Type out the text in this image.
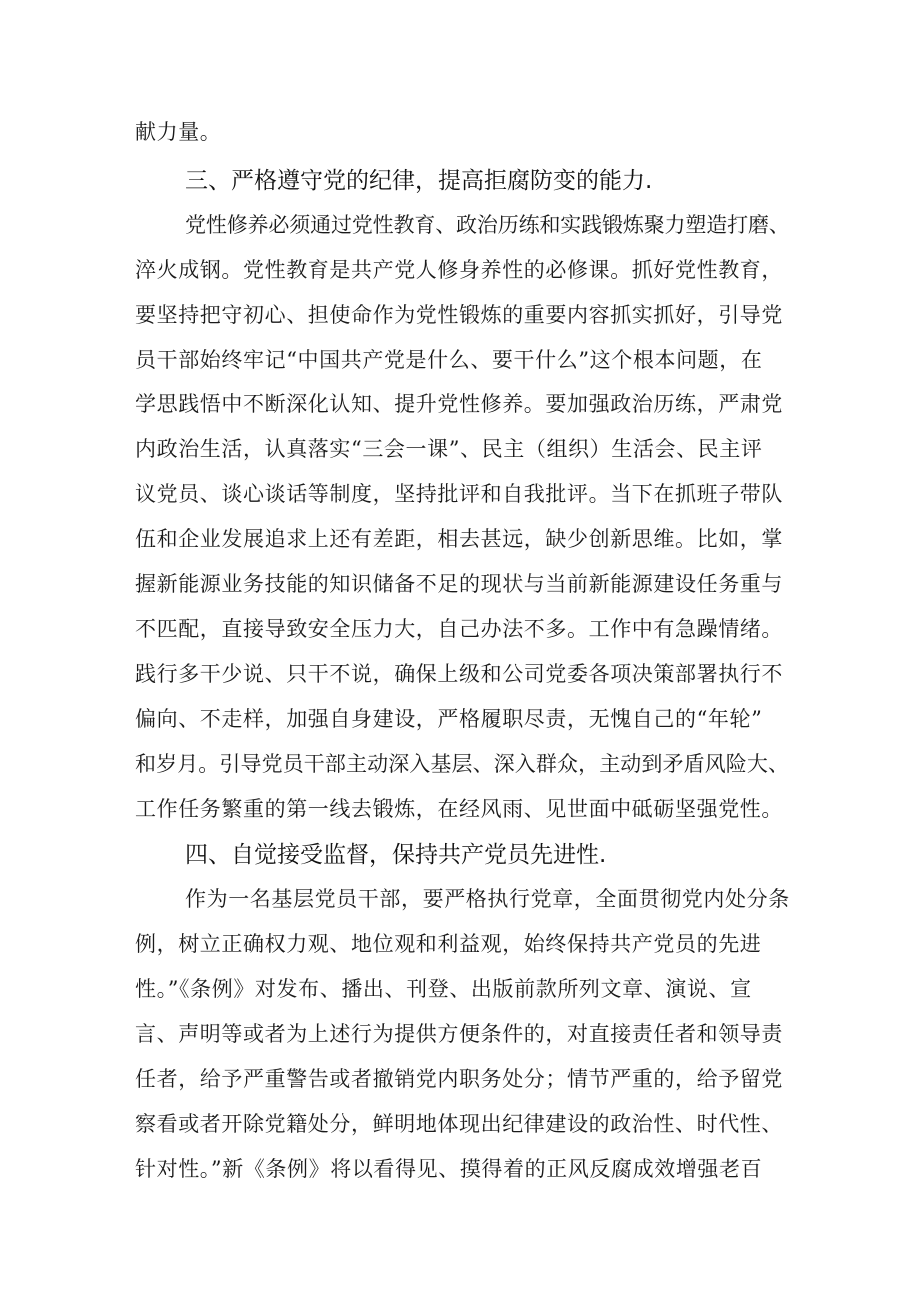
献力量。
三、严格遵守党的纪律，提高拒腐防变的能力.
党性修养必须通过党性教育、政治历练和实践锻炼聚力塑造打磨、
淬火成钢。党性教育是共产党人修身养性的必修课。抓好党性教育，
要坚持把守初心、担使命作为党性锻炼的重要内容抓实抓好，引导党
员干部始终牢记“中国共产党是什么、要干什么”这个根本问题，在
学思践悟中不断深化认知、提升党性修养。要加强政治历练，严肃党
内政治生活，认真落实“三会一课”、民主（组织）生活会、民主评
议党员、谈心谈话等制度，坚持批评和自我批评。当下在抓班子带队
伍和企业发展追求上还有差距，相去甚远，缺少创新思维。比如，掌
握新能源业务技能的知识储备不足的现状与当前新能源建设任务重与
不匹配，直接导致安全压力大，自己办法不多。工作中有急躁情绪。
践行多干少说、只干不说，确保上级和公司党委各项决策部署执行不
偏向、不走样，加强自身建设，严格履职尽责，无愧自己的“年轮”
和岁月。引导党员干部主动深入基层、深入群众，主动到矛盾风险大、
工作任务繁重的第一线去锻炼，在经风雨、见世面中砥砺坚强党性。
四、自觉接受监督，保持共产党员先进性.
作为一名基层党员干部，要严格执行党章，全面贯彻党内处分条
例，树立正确权力观、地位观和利益观，始终保持共产党员的先进
性。”《条例》对发布、播出、刊登、出版前款所列文章、演说、宣
言、声明等或者为上述行为提供方便条件的，对直接责任者和领导责
任者，给予严重警告或者撤销党内职务处分；情节严重的，给予留党
察看或者开除党籍处分，鲜明地体现出纪律建设的政治性、时代性、
针对性。”新《条例》将以看得见、摸得着的正风反腐成效增强老百
